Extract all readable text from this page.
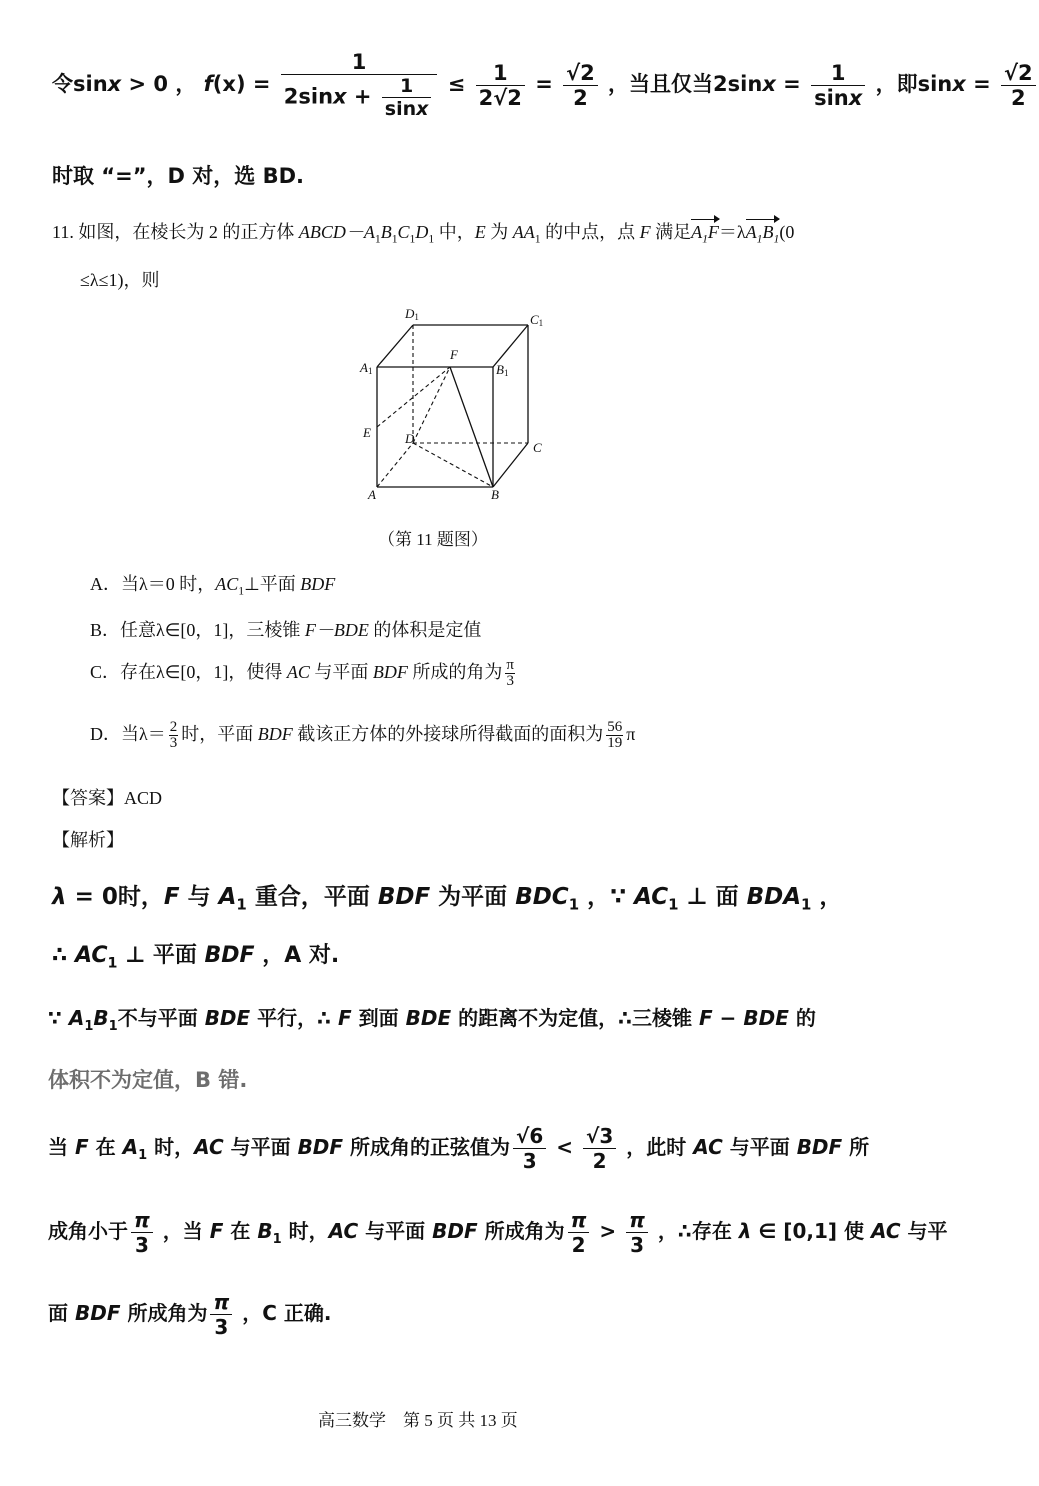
令sinx > 0 ， $f(x) = \frac{1}{2\sin x + \frac{1}{\sin x}} \le \frac{1}{2√2} = \frac{√2}{2}$ ，当且仅当$2\sin x = \frac{1}{\sin x}$ ，即$\sin x = \frac{√2}{2}$
时取 “=”，D 对，选 BD.
11. 如图，在棱长为 2 的正方体 $ABCD-A_1B_1C_1D_1$ 中，E 为 $AA_1$ 的中点，点 F 满足$A_1F=\lambda A_1B_1(0$
≤λ≤1)，则
D1	C1
A1	B1
F
E	D
C
A	B
（第 11 题图）
A．当λ＝0 时，$AC_1\perp$平面 BDF
B．任意λ∈[0，1]，三棱锥 F－BDE 的体积是定值
C．存在λ∈[0，1]，使得 AC 与平面 BDF 所成的角为 $\frac{\pi}{3}$
D．当$\lambda= \frac{2}{3}$ 时，平面 BDF 截该正方体的外接球所得截面的面积为 $\frac{56}{19}$ π
【答案】ACD
【解析】
λ = 0时，F 与 $A_1$ 重合，平面 BDF 为平面 $BDC_1$ ，∵ $AC_1$ ⊥ 面 $BDA_1$ ，
∴ $AC_1$ ⊥ 平面 BDF ，A 对.
∵ $A_1B_1$不与平面 BDE 平行，∴ F 到面 BDE 的距离不为定值，∴三棱锥 F − BDE 的
体积不为定值，B 错.
当 F 在 $A_1$ 时，AC 与平面 BDF 所成角的正弦值为 $\frac{√6}{3} < \frac{√3}{2}$ ，此时 AC 与平面 BDF 所
成角小于 $\frac{\pi}{3}$ ，当 F 在 $B_1$ 时，AC 与平面 BDF 所成角为 $\frac{\pi}{2} > \frac{\pi}{3}$ ，∴存在 λ ∈ [0,1] 使 AC 与平
面 BDF 所成角为 $\frac{\pi}{3}$ ，C 正确.
高三数学　第 5 页 共 13 页
